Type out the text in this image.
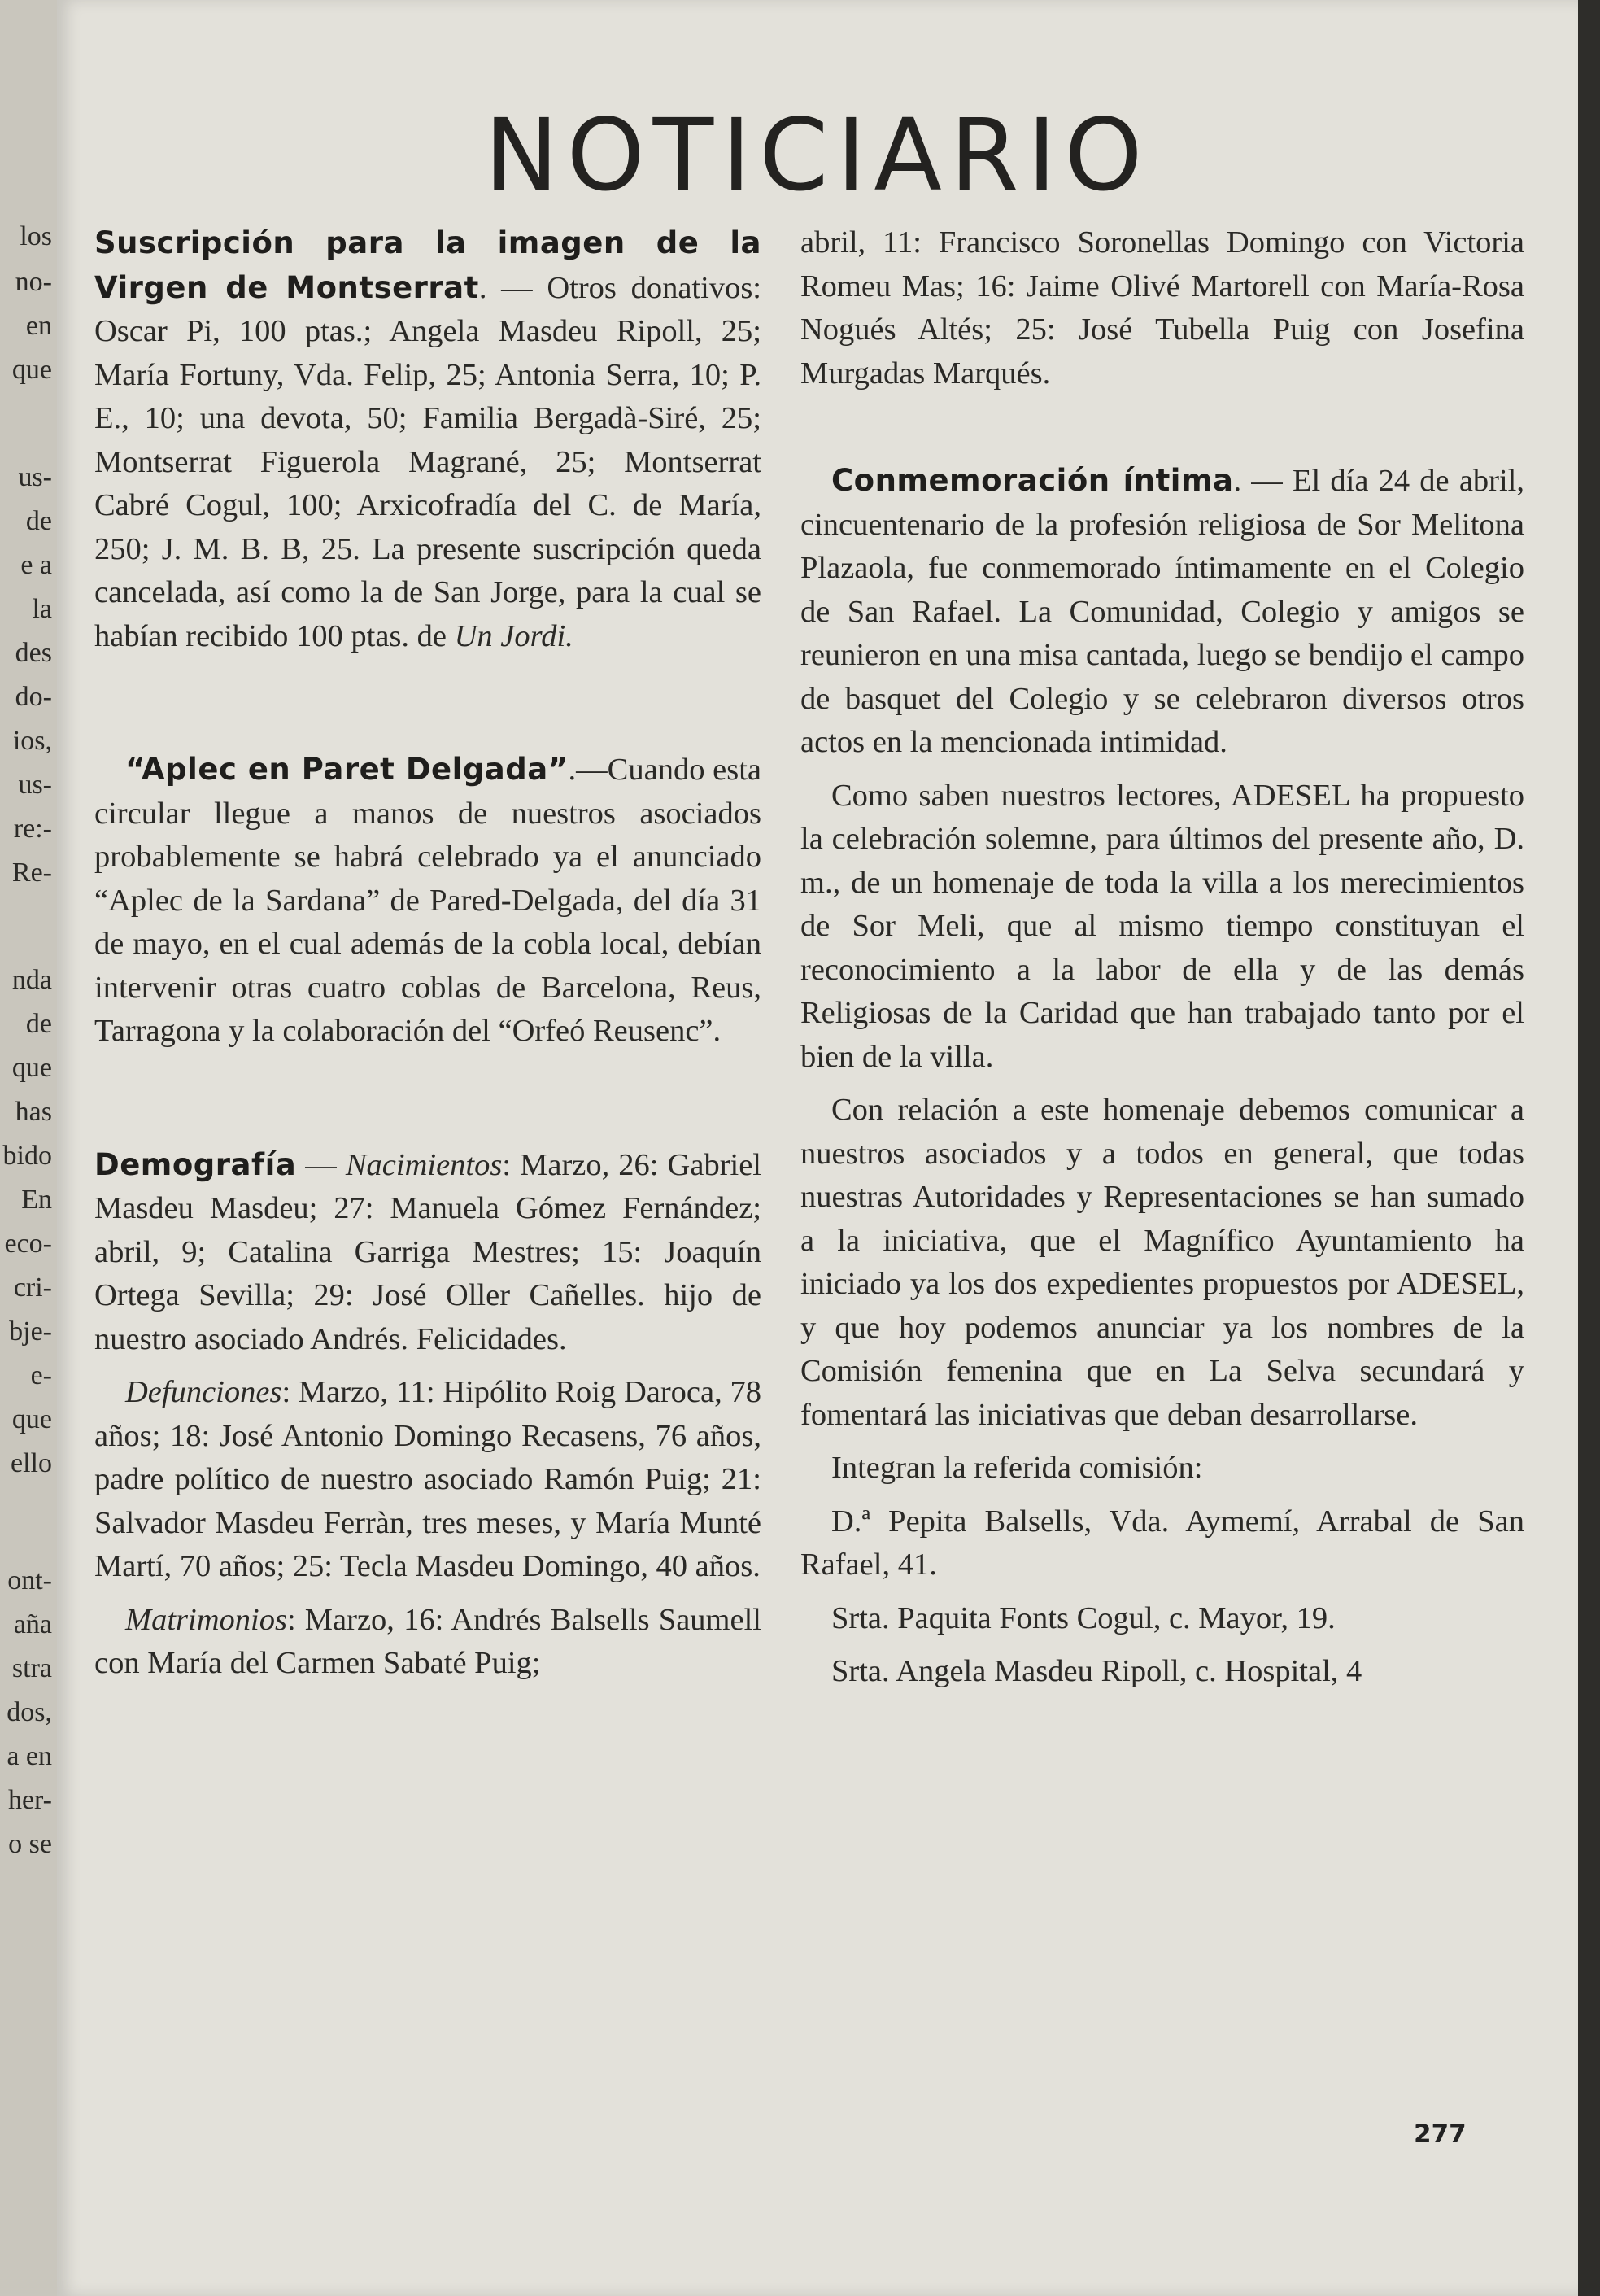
los
no-
en
que
us-
de
e a
la
des
do-
ios,
us-
re:-
Re-
nda
de
que
has
bido
En
eco-
cri-
bje-
e-
que
ello
ont-
aña
stra
dos,
a en
her-
o se
NOTICIARIO

Suscripción para la imagen de la Virgen de Montserrat. — Otros donativos: Oscar Pi, 100 ptas.; Angela Masdeu Ripoll, 25; María Fortuny, Vda. Felip, 25; Antonia Serra, 10; P. E., 10; una devota, 50; Familia Bergadà-Siré, 25; Montserrat Figuerola Magrané, 25; Montserrat Cabré Cogul, 100; Arxicofradía del C. de María, 250; J. M. B. B, 25. La presente suscripción queda cancelada, así como la de San Jorge, para la cual se habían recibido 100 ptas. de Un Jordi.

“Aplec en Paret Delgada”.—Cuando esta circular llegue a manos de nuestros asociados probablemente se habrá celebrado ya el anunciado “Aplec de la Sardana” de Pared-Delgada, del día 31 de mayo, en el cual además de la cobla local, debían intervenir otras cuatro coblas de Barcelona, Reus, Tarragona y la colaboración del “Orfeó Reusenc”.

Demografía — Nacimientos: Marzo, 26: Gabriel Masdeu Masdeu; 27: Manuela Gómez Fernández; abril, 9; Catalina Garriga Mestres; 15: Joaquín Ortega Sevilla; 29: José Oller Cañelles. hijo de nuestro asociado Andrés. Felicidades.

Defunciones: Marzo, 11: Hipólito Roig Daroca, 78 años; 18: José Antonio Domingo Recasens, 76 años, padre político de nuestro asociado Ramón Puig; 21: Salvador Masdeu Ferràn, tres meses, y María Munté Martí, 70 años; 25: Tecla Masdeu Domingo, 40 años.

Matrimonios: Marzo, 16: Andrés Balsells Saumell con María del Carmen Sabaté Puig;

abril, 11: Francisco Soronellas Domingo con Victoria Romeu Mas; 16: Jaime Olivé Martorell con María-Rosa Nogués Altés; 25: José Tubella Puig con Josefina Murgadas Marqués.

Conmemoración íntima. — El día 24 de abril, cincuentenario de la profesión religiosa de Sor Melitona Plazaola, fue conmemorado íntimamente en el Colegio de San Rafael. La Comunidad, Colegio y amigos se reunieron en una misa cantada, luego se bendijo el campo de basquet del Colegio y se celebraron diversos otros actos en la mencionada intimidad.

Como saben nuestros lectores, ADESEL ha propuesto la celebración solemne, para últimos del presente año, D. m., de un homenaje de toda la villa a los merecimientos de Sor Meli, que al mismo tiempo constituyan el reconocimiento a la labor de ella y de las demás Religiosas de la Caridad que han trabajado tanto por el bien de la villa.

Con relación a este homenaje debemos comunicar a nuestros asociados y a todos en general, que todas nuestras Autoridades y Representaciones se han sumado a la iniciativa, que el Magnífico Ayuntamiento ha iniciado ya los dos expedientes propuestos por ADESEL, y que hoy podemos anunciar ya los nombres de la Comisión femenina que en La Selva secundará y fomentará las iniciativas que deban desarrollarse.

Integran la referida comisión:

D.ª Pepita Balsells, Vda. Aymemí, Arrabal de San Rafael, 41.

Srta. Paquita Fonts Cogul, c. Mayor, 19.

Srta. Angela Masdeu Ripoll, c. Hospital, 4

277
